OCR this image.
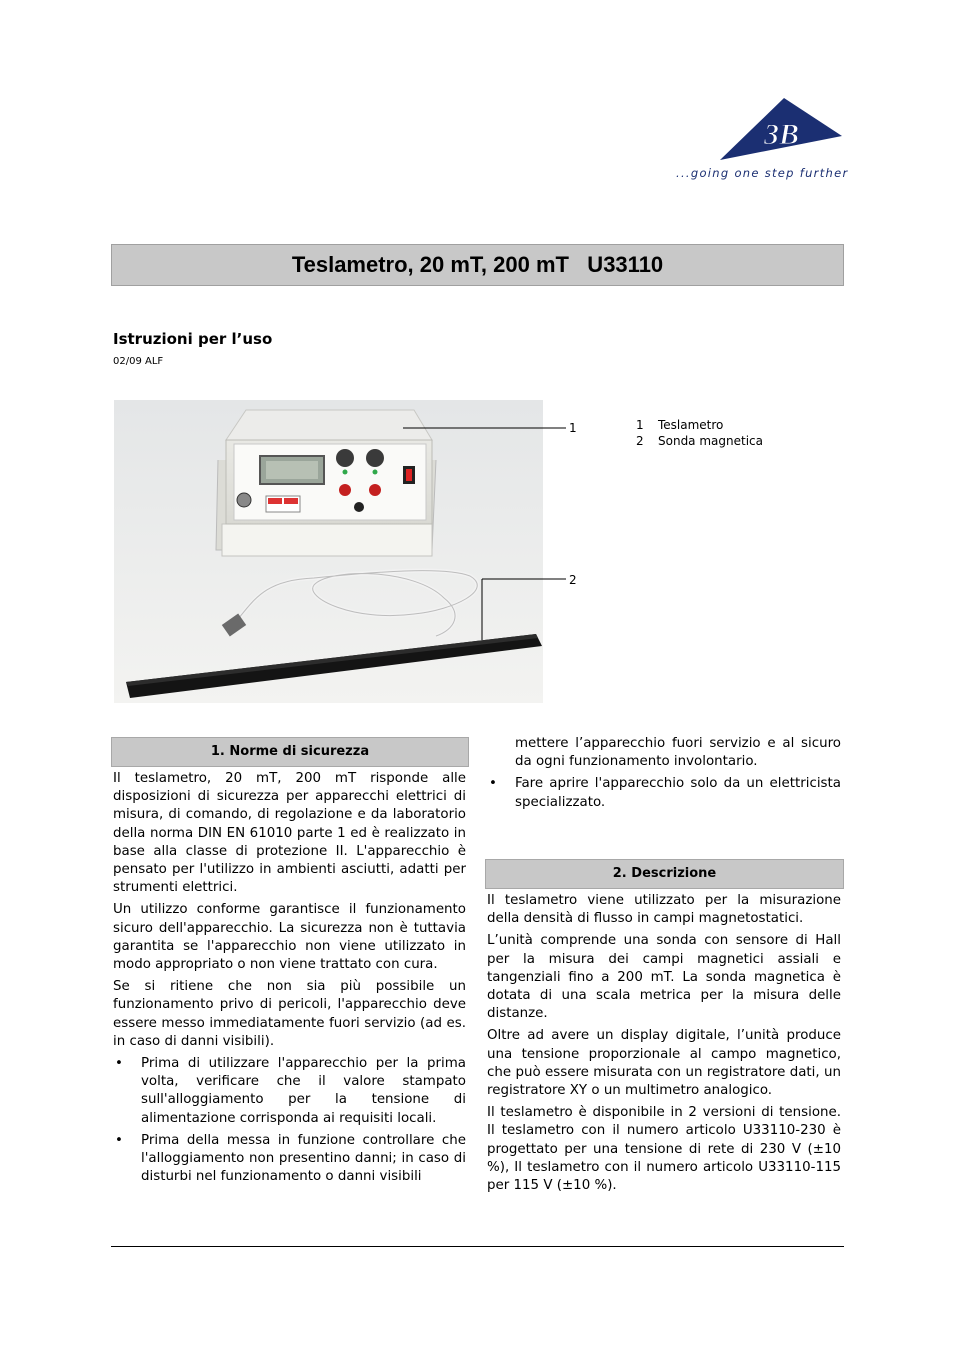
3B
...going one step further
Teslametro, 20 mT, 200 mT   U33110
Istruzioni per l’uso
02/09 ALF
1
2
1 Teslametro
2 Sonda magnetica
1. Norme di sicurezza

Il teslametro, 20 mT, 200 mT risponde alle disposizioni di sicurezza per apparecchi elettrici di misura, di comando, di regolazione e da laboratorio della norma DIN EN 61010 parte 1 ed è realizzato in base alla classe di protezione II. L'apparecchio è pensato per l'utilizzo in ambienti asciutti, adatti per strumenti elettrici.

Un utilizzo conforme garantisce il funzionamento sicuro dell'apparecchio. La sicurezza non è tuttavia garantita se l'apparecchio non viene utilizzato in modo appropriato o non viene trattato con cura.

Se si ritiene che non sia più possibile un funzionamento privo di pericoli, l'apparecchio deve essere messo immediatamente fuori servizio (ad es. in caso di danni visibili).

• Prima di utilizzare l'apparecchio per la prima volta, verificare che il valore stampato sull'alloggiamento per la tensione di alimentazione corrisponda ai requisiti locali.
• Prima della messa in funzione controllare che l'alloggiamento non presentino danni; in caso di disturbi nel funzionamento o danni visibili
mettere l’apparecchio fuori servizio e al sicuro da ogni funzionamento involontario.
• Fare aprire l'apparecchio solo da un elettricista specializzato.
2. Descrizione

Il teslametro viene utilizzato per la misurazione della densità di flusso in campi magnetostatici.

L’unità comprende una sonda con sensore di Hall per la misura dei campi magnetici assiali e tangenziali fino a 200 mT. La sonda magnetica è dotata di una scala metrica per la misura delle distanze.

Oltre ad avere un display digitale, l’unità produce una tensione proporzionale al campo magnetico, che può essere misurata con un registratore dati, un registratore XY o un multimetro analogico.

Il teslametro è disponibile in 2 versioni di tensione. Il teslametro con il numero articolo U33110-230 è progettato per una tensione di rete di 230 V (±10 %), Il teslametro con il numero articolo U33110-115 per 115 V (±10 %).
